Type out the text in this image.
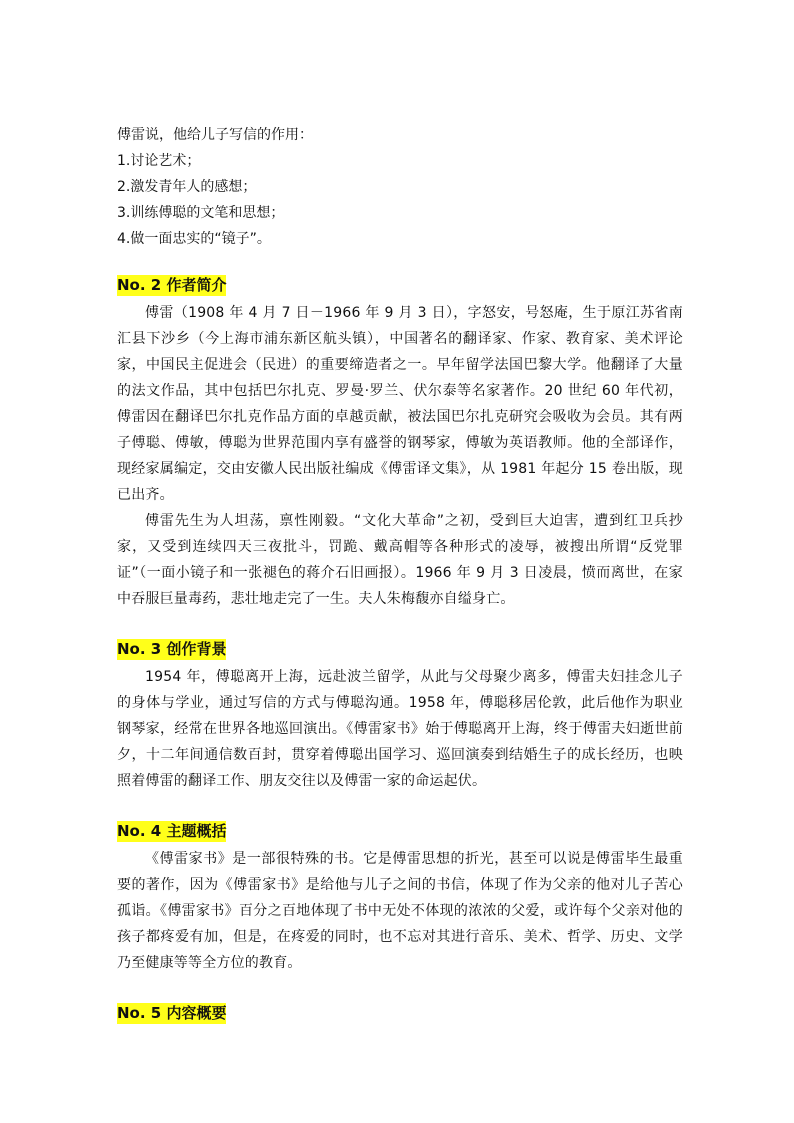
傅雷说，他给儿子写信的作用：

1.讨论艺术；

2.激发青年人的感想；

3.训练傅聪的文笔和思想；

4.做一面忠实的“镜子”。

No. 2 作者简介

傅雷（1908 年 4 月 7 日－1966 年 9 月 3 日），字怒安，号怒庵，生于原江苏省南汇县下沙乡（今上海市浦东新区航头镇），中国著名的翻译家、作家、教育家、美术评论家，中国民主促进会（民进）的重要缔造者之一。早年留学法国巴黎大学。他翻译了大量的法文作品，其中包括巴尔扎克、罗曼·罗兰、伏尔泰等名家著作。20 世纪 60 年代初，傅雷因在翻译巴尔扎克作品方面的卓越贡献，被法国巴尔扎克研究会吸收为会员。其有两子傅聪、傅敏，傅聪为世界范围内享有盛誉的钢琴家，傅敏为英语教师。他的全部译作，现经家属编定，交由安徽人民出版社编成《傅雷译文集》，从 1981 年起分 15 卷出版，现已出齐。

傅雷先生为人坦荡，禀性刚毅。“文化大革命”之初，受到巨大迫害，遭到红卫兵抄家，又受到连续四天三夜批斗，罚跪、戴高帽等各种形式的凌辱，被搜出所谓“反党罪证”（一面小镜子和一张褪色的蒋介石旧画报）。1966 年 9 月 3 日凌晨，愤而离世，在家中吞服巨量毒药，悲壮地走完了一生。夫人朱梅馥亦自缢身亡。

No. 3 创作背景

1954 年，傅聪离开上海，远赴波兰留学，从此与父母聚少离多，傅雷夫妇挂念儿子的身体与学业，通过写信的方式与傅聪沟通。1958 年，傅聪移居伦敦，此后他作为职业钢琴家，经常在世界各地巡回演出。《傅雷家书》始于傅聪离开上海，终于傅雷夫妇逝世前夕，十二年间通信数百封，贯穿着傅聪出国学习、巡回演奏到结婚生子的成长经历，也映照着傅雷的翻译工作、朋友交往以及傅雷一家的命运起伏。

No. 4 主题概括

《傅雷家书》是一部很特殊的书。它是傅雷思想的折光，甚至可以说是傅雷毕生最重要的著作，因为《傅雷家书》是给他与儿子之间的书信，体现了作为父亲的他对儿子苦心孤诣。《傅雷家书》百分之百地体现了书中无处不体现的浓浓的父爱，或许每个父亲对他的孩子都疼爱有加，但是，在疼爱的同时，也不忘对其进行音乐、美术、哲学、历史、文学乃至健康等等全方位的教育。

No. 5 内容概要
